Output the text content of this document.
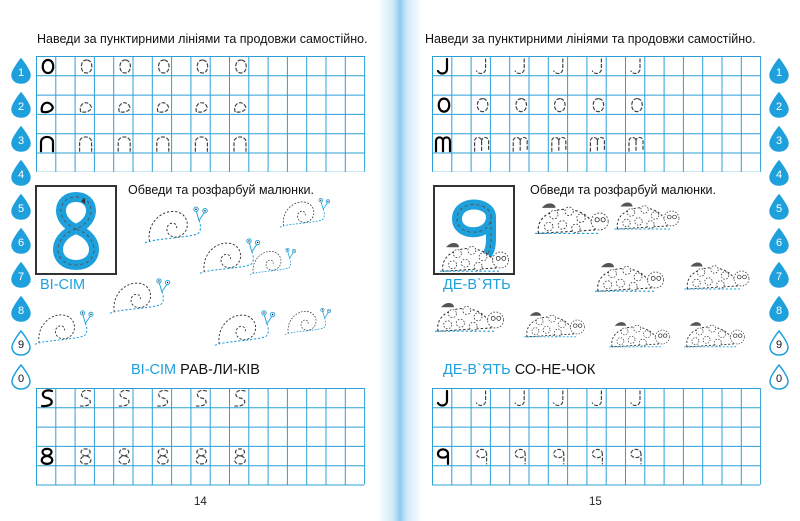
Наведи за пунктирними лініями та продовжи самостійно.
ВІ-СІМ
Обведи та розфарбуй малюнки.
ВІ-СІМ РАВ-ЛИ-КІВ
1
2
3
4
5
6
7
8
9
0
14
Наведи за пунктирними лініями та продовжи самостійно.
ДЕ-В`ЯТЬ
Обведи та розфарбуй малюнки.
ДЕ-В`ЯТЬ СО-НЕ-ЧОК
1
2
3
4
5
6
7
8
9
0
15
